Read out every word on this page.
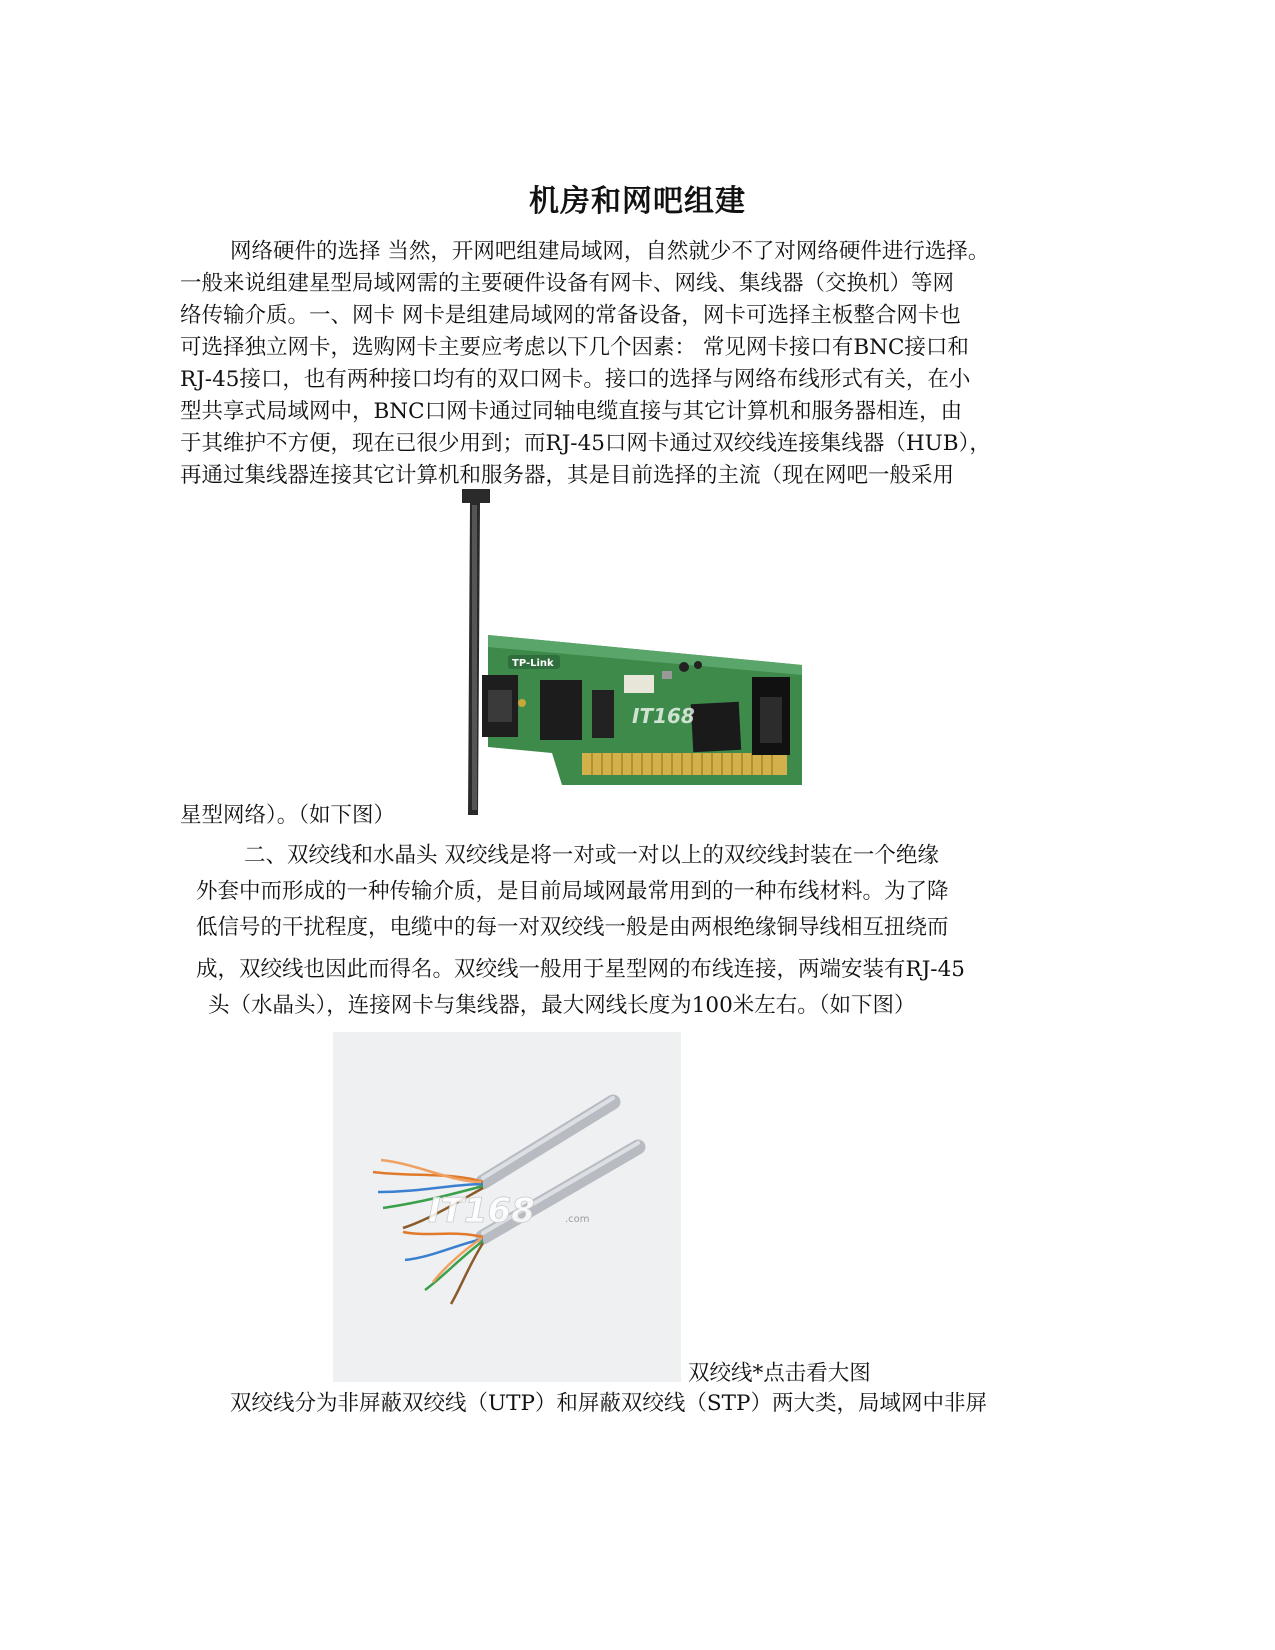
机房和网吧组建
网络硬件的选择 当然，开网吧组建局域网，自然就少不了对网络硬件进行选择。
一般来说组建星型局域网需的主要硬件设备有网卡、网线、集线器（交换机）等网
络传输介质。一、网卡 网卡是组建局域网的常备设备，网卡可选择主板整合网卡也
可选择独立网卡，选购网卡主要应考虑以下几个因素： 常见网卡接口有BNC接口和
RJ-45接口，也有两种接口均有的双口网卡。接口的选择与网络布线形式有关，在小
型共享式局域网中，BNC口网卡通过同轴电缆直接与其它计算机和服务器相连，由
于其维护不方便，现在已很少用到；而RJ-45口网卡通过双绞线连接集线器（HUB），
再通过集线器连接其它计算机和服务器，其是目前选择的主流（现在网吧一般采用
TP-Link
IT168
星型网络）。（如下图）
二、双绞线和水晶头 双绞线是将一对或一对以上的双绞线封装在一个绝缘
外套中而形成的一种传输介质，是目前局域网最常用到的一种布线材料。为了降
低信号的干扰程度，电缆中的每一对双绞线一般是由两根绝缘铜导线相互扭绕而
成，双绞线也因此而得名。双绞线一般用于星型网的布线连接，两端安装有RJ-45
头（水晶头），连接网卡与集线器，最大网线长度为100米左右。（如下图）
IT168	.com
双绞线*点击看大图
双绞线分为非屏蔽双绞线（UTP）和屏蔽双绞线（STP）两大类，局域网中非屏
